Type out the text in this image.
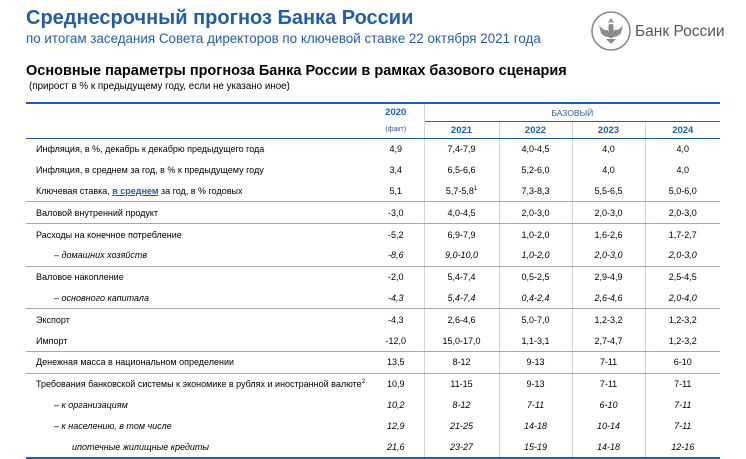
Среднесрочный прогноз Банка России
по итогам заседания Совета директоров по ключевой ставке 22 октября 2021 года	Банк России
Основные параметры прогноза Банка России в рамках базового сценария
(прирост в % к предыдущему году, если не указано иное)
	2020	БАЗОВЫЙ			
	(факт)	2021	2022	2023	2024
Инфляция, в %, декабрь к декабрю предыдущего года	4,9	7,4-7,9	4,0-4,5	4,0	4,0
Инфляция, в среднем за год, в % к предыдущему году	3,4	6,5-6,6	5,2-6,0	4,0	4,0
Ключевая ставка, в среднем за год, в % годовых	5,1	$5,7-5,8^1$	7,3-8,3	5,5-6,5	5,0-6,0
Валовой внутренний продукт	-3,0	4,0-4,5	2,0-3,0	2,0-3,0	2,0-3,0
Расходы на конечное потребление	-5,2	6,9-7,9	1,0-2,0	1,6-2,6	1,7-2,7
– домашних хозяйств	-8,6	9,0-10,0	1,0-2,0	2,0-3,0	2,0-3,0
Валовое накопление	-2,0	5,4-7,4	0,5-2,5	2,9-4,9	2,5-4,5
– основного капитала	-4,3	5,4-7,4	0,4-2,4	2,6-4,6	2,0-4,0
Экспорт	-4,3	2,6-4,6	5,0-7,0	1,2-3,2	1,2-3,2
Импорт	-12,0	15,0-17,0	1,1-3,1	2,7-4,7	1,2-3,2
Денежная масса в национальном определении	13,5	8-12	9-13	7-11	6-10
Требования банковской системы к экономике в рублях и иностранной валюте$^2$	10,9	11-15	9-13	7-11	7-11
– к организациям	10,2	8-12	7-11	6-10	7-11
– к населению, в том числе	12,9	21-25	14-18	10-14	7-11
ипотечные жилищные кредиты	21,6	23-27	15-19	14-18	12-16
